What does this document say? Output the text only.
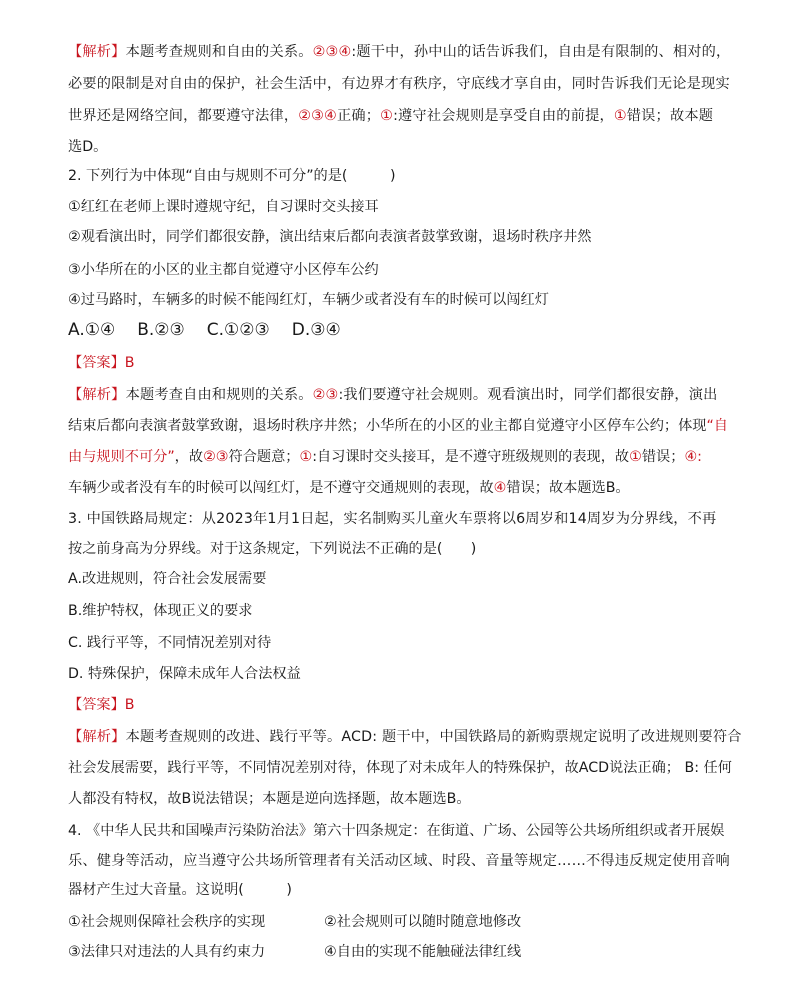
【解析】本题考查规则和自由的关系。②③④:题干中，孙中山的话告诉我们，自由是有限制的、相对的，
必要的限制是对自由的保护，社会生活中，有边界才有秩序，守底线才享自由，同时告诉我们无论是现实
世界还是网络空间，都要遵守法律，②③④正确；①:遵守社会规则是享受自由的前提，①错误；故本题
选D。
2. 下列行为中体现“自由与规则不可分”的是(　　　)
①红红在老师上课时遵规守纪，自习课时交头接耳
②观看演出时，同学们都很安静，演出结束后都向表演者鼓掌致谢，退场时秩序井然
③小华所在的小区的业主都自觉遵守小区停车公约
④过马路时，车辆多的时候不能闯红灯，车辆少或者没有车的时候可以闯红灯
A.①④ B.②③ C.①②③ D.③④
【答案】B
【解析】本题考查自由和规则的关系。②③:我们要遵守社会规则。观看演出时，同学们都很安静，演出
结束后都向表演者鼓掌致谢，退场时秩序井然；小华所在的小区的业主都自觉遵守小区停车公约；体现“自
由与规则不可分”，故②③符合题意；①:自习课时交头接耳，是不遵守班级规则的表现，故①错误；④:
车辆少或者没有车的时候可以闯红灯，是不遵守交通规则的表现，故④错误；故本题选B。
3. 中国铁路局规定：从2023年1月1日起，实名制购买儿童火车票将以6周岁和14周岁为分界线，不再
按之前身高为分界线。对于这条规定，下列说法不正确的是(　　)
A.改进规则，符合社会发展需要
B.维护特权，体现正义的要求
C. 践行平等，不同情况差别对待
D. 特殊保护，保障未成年人合法权益
【答案】B
【解析】本题考查规则的改进、践行平等。ACD: 题干中，中国铁路局的新购票规定说明了改进规则要符合
社会发展需要，践行平等，不同情况差别对待，体现了对未成年人的特殊保护，故ACD说法正确； B: 任何
人都没有特权，故B说法错误；本题是逆向选择题，故本题选B。
4. 《中华人民共和国噪声污染防治法》第六十四条规定：在街道、广场、公园等公共场所组织或者开展娱
乐、健身等活动，应当遵守公共场所管理者有关活动区域、时段、音量等规定……不得违反规定使用音响
器材产生过大音量。这说明(　　　)
①社会规则保障社会秩序的实现	②社会规则可以随时随意地修改
③法律只对违法的人具有约束力	④自由的实现不能触碰法律红线
